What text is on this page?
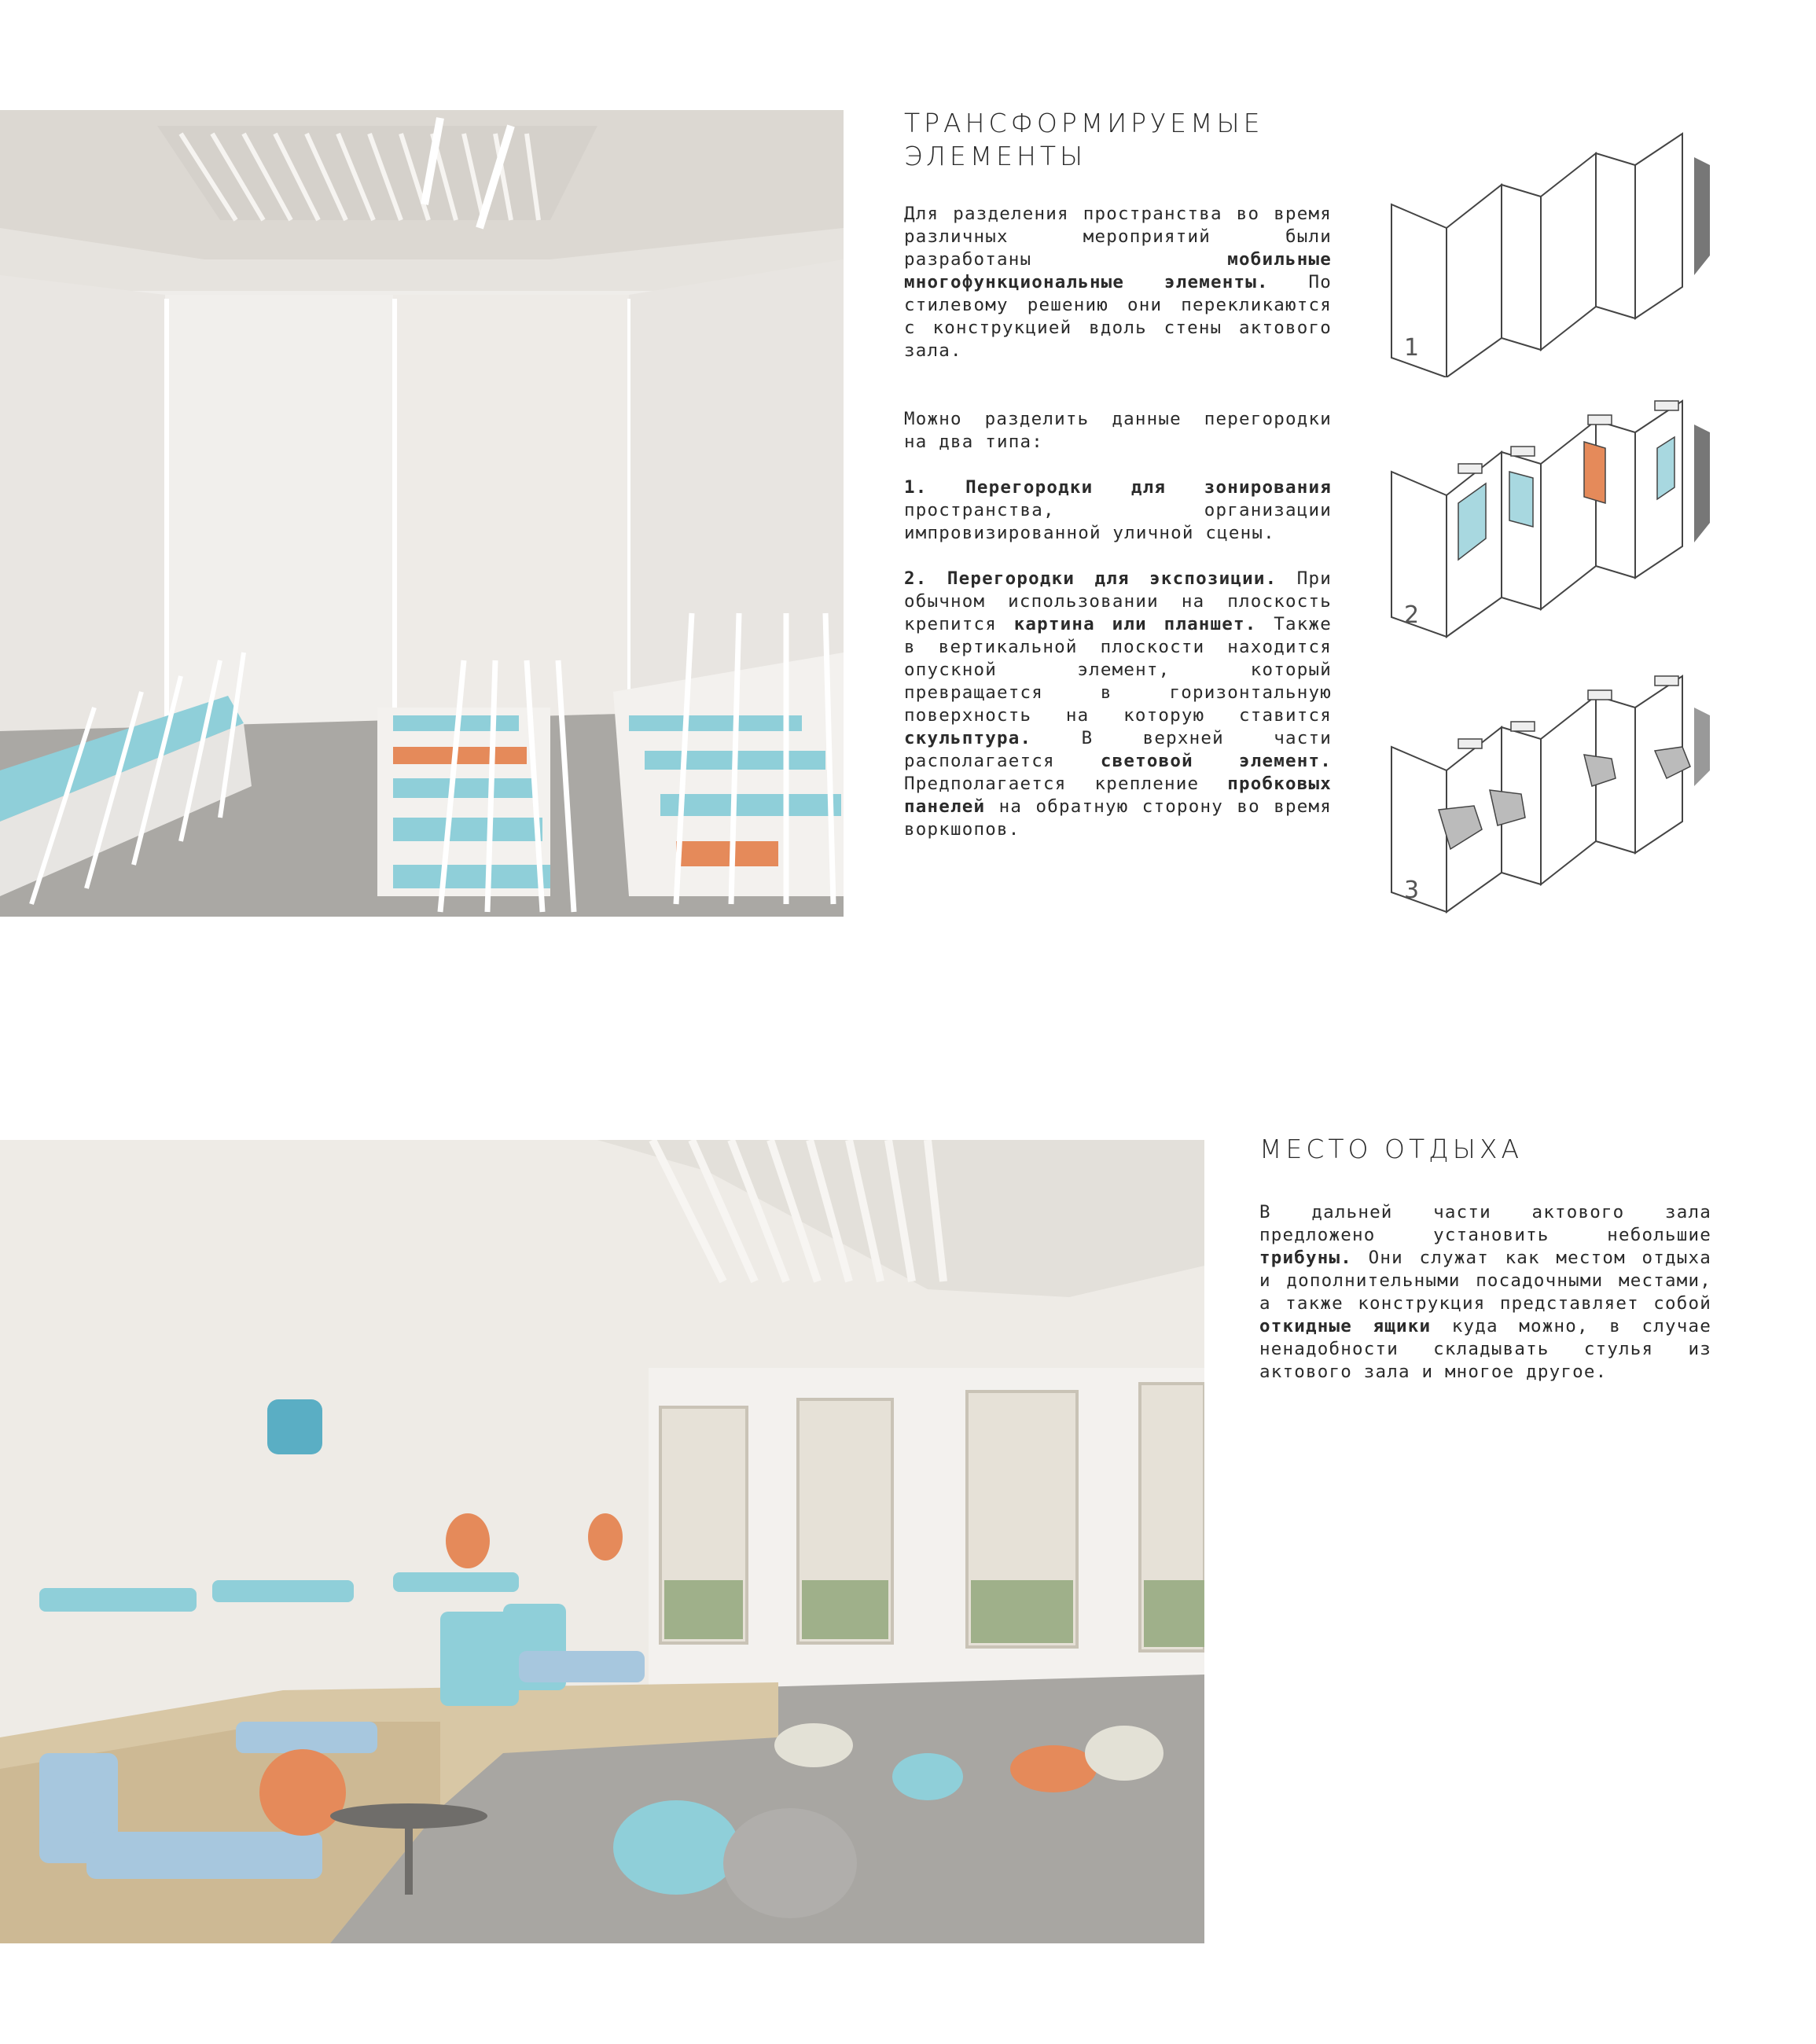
ТРАНСФОРМИРУЕМЫЕ
ЭЛЕМЕНТЫ

Для разделения пространства во время различных мероприятий были разработаны мобильные многофункциональные элементы. По стилевому решению они перекликаются с конструкцией вдоль стены актового зала.

Можно разделить данные перегородки на два типа:

1. Перегородки для зонирования пространства, организации импровизированной уличной сцены.

2. Перегородки для экспозиции. При обычном использовании на плоскость крепится картина или планшет. Также в вертикальной плоскости находится опускной элемент, который превращается в горизонтальную поверхность на которую ставится скульптура. В верхней части располагается световой элемент. Предполагается крепление пробковых панелей на обратную сторону во время воркшопов.

1
2
3
МЕСТО ОТДЫХА

В дальней части актового зала предложено установить небольшие трибуны. Они служат как местом отдыха и дополнительными посадочными местами, а также конструкция представляет собой откидные ящики куда можно, в случае ненадобности складывать стулья из актового зала и многое другое.
